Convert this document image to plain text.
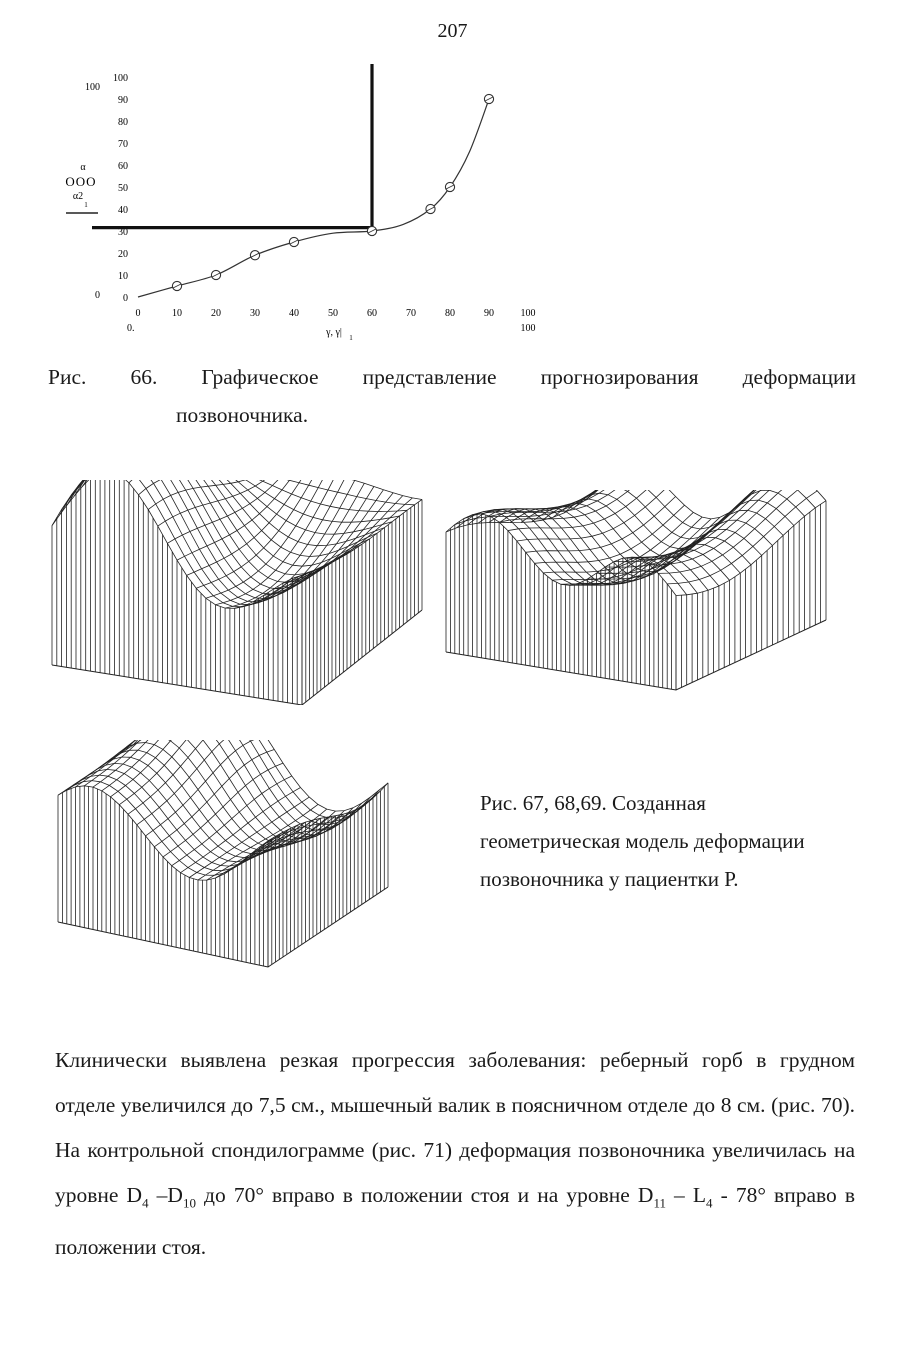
207
0
10
20
30
40
50
60
70
80
90
100
0	10	20	30	40	50	60	70	80	90	100
100
0
0.	100
α
OOO
α2
1
γ, γ| 1
Рис. 66. Графическое представление прогнозирования деформации
позвоночника.
Рис. 67, 68,69. Созданная
геометрическая модель деформации
позвоночника у пациентки Р.
Клинически выявлена резкая прогрессия заболевания: реберный горб в грудном отделе увеличился до 7,5 см., мышечный валик в поясничном отделе до 8 см. (рис. 70). На контрольной спондилограмме (рис. 71) деформация позвоночника увеличилась на уровне $D_4$ $-D_{10}$ до 70° вправо в положении стоя и на уровне $D_{11} - L_4 - 78^\circ$ вправо в положении стоя.
